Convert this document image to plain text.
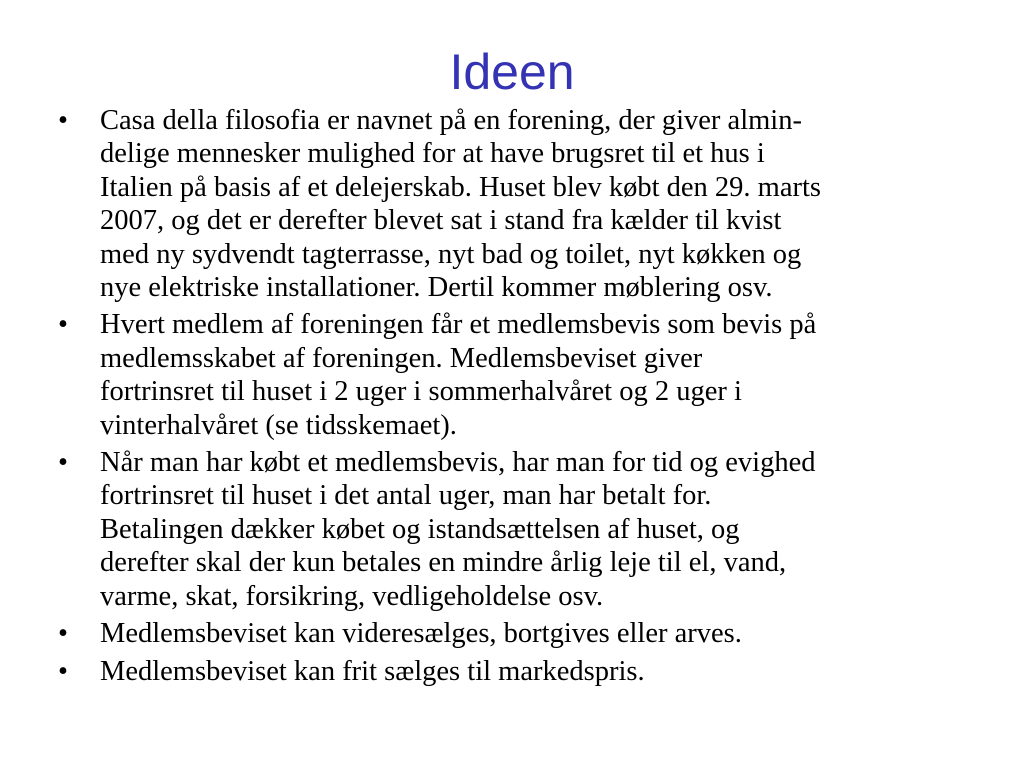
Ideen
•	Casa della filosofia er navnet på en forening, der giver almin-
delige mennesker mulighed for at have brugsret til et hus i
Italien på basis af et delejerskab. Huset blev købt den 29. marts
2007, og det er derefter blevet sat i stand fra kælder til kvist
med ny sydvendt tagterrasse, nyt bad og toilet, nyt køkken og
nye elektriske installationer. Dertil kommer møblering osv.
•	Hvert medlem af foreningen får et medlemsbevis som bevis på
medlemsskabet af foreningen. Medlemsbeviset giver
fortrinsret til huset i 2 uger i sommerhalvåret og 2 uger i
vinterhalvåret (se tidsskemaet).
•	Når man har købt et medlemsbevis, har man for tid og evighed
fortrinsret til huset i det antal uger, man har betalt for.
Betalingen dækker købet og istandsættelsen af huset, og
derefter skal der kun betales en mindre årlig leje til el, vand,
varme, skat, forsikring, vedligeholdelse osv.
•	Medlemsbeviset kan videresælges, bortgives eller arves.
•	Medlemsbeviset kan frit sælges til markedspris.
